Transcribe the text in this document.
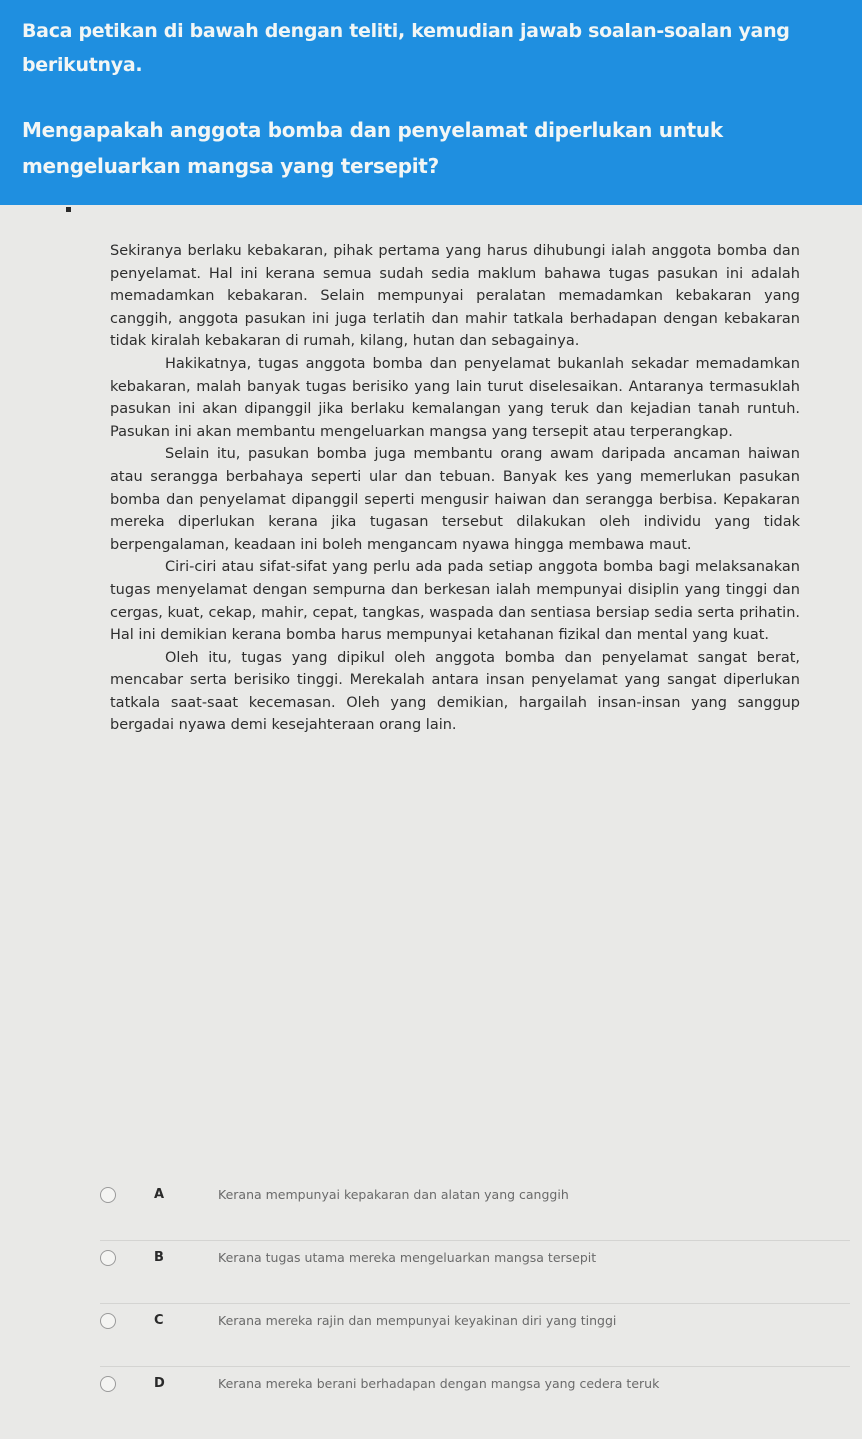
Baca petikan di bawah dengan teliti, kemudian jawab soalan-soalan yang berikutnya.
Mengapakah anggota bomba dan penyelamat diperlukan untuk mengeluarkan mangsa yang tersepit?

Sekiranya berlaku kebakaran, pihak pertama yang harus dihubungi ialah anggota bomba dan penyelamat. Hal ini kerana semua sudah sedia maklum bahawa tugas pasukan ini adalah memadamkan kebakaran. Selain mempunyai peralatan memadamkan kebakaran yang canggih, anggota pasukan ini juga terlatih dan mahir tatkala berhadapan dengan kebakaran tidak kiralah kebakaran di rumah, kilang, hutan dan sebagainya.

Hakikatnya, tugas anggota bomba dan penyelamat bukanlah sekadar memadamkan kebakaran, malah banyak tugas berisiko yang lain turut diselesaikan. Antaranya termasuklah pasukan ini akan dipanggil jika berlaku kemalangan yang teruk dan kejadian tanah runtuh. Pasukan ini akan membantu mengeluarkan mangsa yang tersepit atau terperangkap.

Selain itu, pasukan bomba juga membantu orang awam daripada ancaman haiwan atau serangga berbahaya seperti ular dan tebuan. Banyak kes yang memerlukan pasukan bomba dan penyelamat dipanggil seperti mengusir haiwan dan serangga berbisa. Kepakaran mereka diperlukan kerana jika tugasan tersebut dilakukan oleh individu yang tidak berpengalaman, keadaan ini boleh mengancam nyawa hingga membawa maut.

Ciri-ciri atau sifat-sifat yang perlu ada pada setiap anggota bomba bagi melaksanakan tugas menyelamat dengan sempurna dan berkesan ialah mempunyai disiplin yang tinggi dan cergas, kuat, cekap, mahir, cepat, tangkas, waspada dan sentiasa bersiap sedia serta prihatin. Hal ini demikian kerana bomba harus mempunyai ketahanan fizikal dan mental yang kuat.

Oleh itu, tugas yang dipikul oleh anggota bomba dan penyelamat sangat berat, mencabar serta berisiko tinggi. Merekalah antara insan penyelamat yang sangat diperlukan tatkala saat-saat kecemasan. Oleh yang demikian, hargailah insan-insan yang sanggup bergadai nyawa demi kesejahteraan orang lain.

A	Kerana mempunyai kepakaran dan alatan yang canggih
B	Kerana tugas utama mereka mengeluarkan mangsa tersepit
C	Kerana mereka rajin dan mempunyai keyakinan diri yang tinggi
D	Kerana mereka berani berhadapan dengan mangsa yang cedera teruk
